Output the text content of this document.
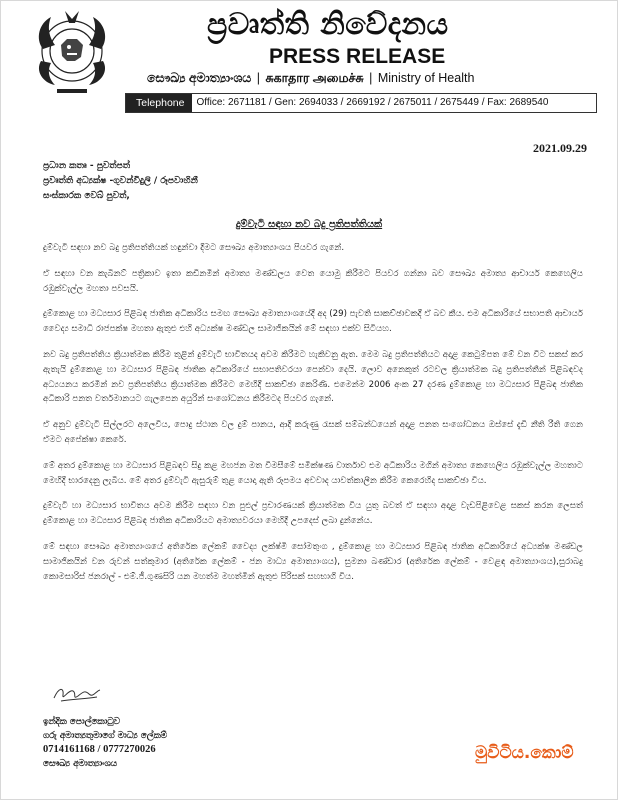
ප්‍රවෘත්ති නිවේදනය
PRESS RELEASE
සෞඛ්‍ය අමාත්‍යාංශය | சுகாதார அமைச்சு | Ministry of Health
Telephone Office: 2671181 / Gen: 2694033 / 2669192 / 2675011 / 2675449 / Fax: 2689540
2021.09.29
ප්‍රධාන කතෘ - පුවත්පත්
ප්‍රවෘත්ති අධ්‍යක්ෂ -ගුවන්විදුලි / රූපවාහිනී
සංස්කාරක වෙබ් පුවත්,
දුම්වැටි සඳහා නව බදු ප්‍රතිපත්තියක්

දුම්වැටි සඳහා නව බදු ප්‍රතිපත්තියක් හඳුන්වා දීමට සෞඛ්‍ය අමාත්‍යාංශය පියවර ගැනේ.

ඒ සඳහා වන කැබිනට් පත්‍රිකාව ඉතා කඩිනමින් අමාත්‍ය මණ්ඩලය වෙත යොමු කිරීමට පියවර ගන්නා බව සෞඛ්‍ය අමාත්‍ය ආචාර්ය කෙහෙලිය රඹුක්වැල්ල මහතා පවසයි.

දුම්කොළ හා මධ්‍යසාර පිළිබඳ ජාතික අධිකාරිය සමඟ සෞඛ්‍ය අමාත්‍යාංශයේදී අද (29) පැවති සාකච්ඡාවකදී ඒ බව කීය. එම අධිකාරියේ සභාපති ආචාර්ය වෛද්‍ය සමාධි රාජපක්ෂ මහතා ඇතුළු එහි අධ්‍යක්ෂ මණ්ඩල සාමාජිකයින් මේ සඳහා එක්ව සිටියහ.

නව බදු ප්‍රතිපත්තිය ක්‍රියාත්මක කිරීම තුළින් දුම්වැටි භාවිතයද අවම කිරීමට හැකිවනු ඇත. මෙම බදු ප්‍රතිපත්තියට අදාළ කෙටුම්පත මේ වන විට සකස් කර ඇතැයි දුම්කොළ හා මධ්‍යසාර පිළිබඳ ජාතික අධිකාරියේ සභාපතිවරයා පෙන්වා දෙයි. ලොව අනෙකුත් රටවල ක්‍රියාත්මක බදු ප්‍රතිපත්තීන් පිළිබඳවද අධ්‍යයනය කරමින් නව ප්‍රතිපත්තිය ක්‍රියාත්මක කිරීමට මෙහිදී සාකච්ඡා කෙරිණි. එමෙන්ම 2006 අංක 27 දරණ දුම්කොළ හා මධ්‍යසාර පිළිබඳ ජාතික අධිකාරි පනත වර්තමානයට ගැලපෙන අයුරින් සංශෝධනය කිරීමටද පියවර ගැනේ.

ඒ අනුව දුම්වැටි සිල්ලරට අලෙවිය, පොදු ස්ථාන වල දුම් පානය, ආදී කරුණු රැසක් සම්බන්ධයෙන් අදාළ පනත සංශෝධනය ඔස්සේ දැඩි නීති රීති ගෙන ඒමට අපේක්ෂා කෙරේ.

මේ අතර දුම්කොළ හා මධ්‍යසාර පිළිබඳව සිදු කළ මහජන මත විමසීමේ සමීක්ෂණ වාර්තාව එම අධිකාරිය මගින් අමාත්‍ය කෙහෙලිය රඹුක්වැල්ල මහතාට මෙහිදී භාරදෙනු ලැබීය. මේ අතර දුම්වැටි ඇසුරුම් තුළ යොදා ඇති රූපමය අවවාද යාවත්කාලීන කිරීම කෙරෙහිද සාකච්ඡා විය.

දුම්වැටි හා මධ්‍යසාර භාවිතය අවම කිරීම සඳහා වන පුළුල් ප්‍රචාරණයක් ක්‍රියාත්මක විය යුතු බවත් ඒ සඳහා අදාළ වැඩපිළිවෙළ සකස් කරන ලෙසත් දුම්කොළ හා මධ්‍යසාර පිළිබඳ ජාතික අධිකාරියට අමාත්‍යවරයා මෙහිදී උපදෙස් ලබා දුන්නේය.

මේ සඳහා සෞඛ්‍ය අමාත්‍යාංශයේ අතිරේක ලේකම් වෛද්‍ය ලක්ෂ්මි සෝමතුංග , දුම්කොළ හා මධ්‍යසාර පිළිබඳ ජාතික අධිකාරියේ අධ්‍යක්ෂ මණ්ඩල සාමාජිකයින් වන රුවන් සත්කුමාර (අතිරේක ලේකම් - ජන මාධ්‍ය අමාත්‍යාංශය), සුමනා බණ්ඩාර (අතිරේක ලේකම් - වෙළඳ අමාත්‍යාංශය),සුරාබදු කොමසාරිස් ජනරාල් - එම්.ජී.ගුණසිරි යන මහත්ම මහත්මීන් ඇතුළු පිරිසක් සහභාගි විය.

ඉන්දික පොල්කොටුව
ගරු අමාත්‍යතුමාගේ මාධ්‍ය ලේකම්
0714161168 / 0777270026
සෞඛ්‍ය අමාත්‍යාංශය
මුවිටිය.කොම්
